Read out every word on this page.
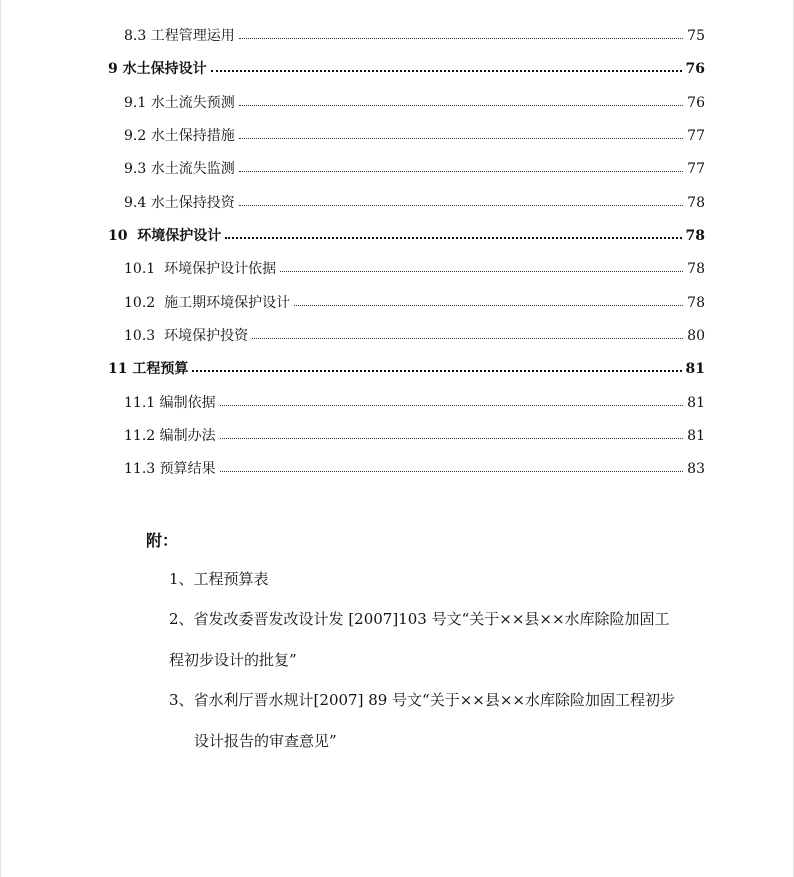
8.3 工程管理运用	75
9 水土保持设计	76
9.1 水土流失预测	76
9.2 水土保持措施	77
9.3 水土流失监测	77
9.4 水土保持投资	78
10  环境保护设计	78
10.1  环境保护设计依据	78
10.2  施工期环境保护设计	78
10.3  环境保护投资	80
11 工程预算	81
11.1 编制依据	81
11.2 编制办法	81
11.3 预算结果	83
附：
1、工程预算表
2、省发改委晋发改设计发 [2007]103 号文“关于××县××水库除险加固工
程初步设计的批复”
3、省水利厅晋水规计[2007] 89 号文“关于××县××水库除险加固工程初步
设计报告的审查意见”
